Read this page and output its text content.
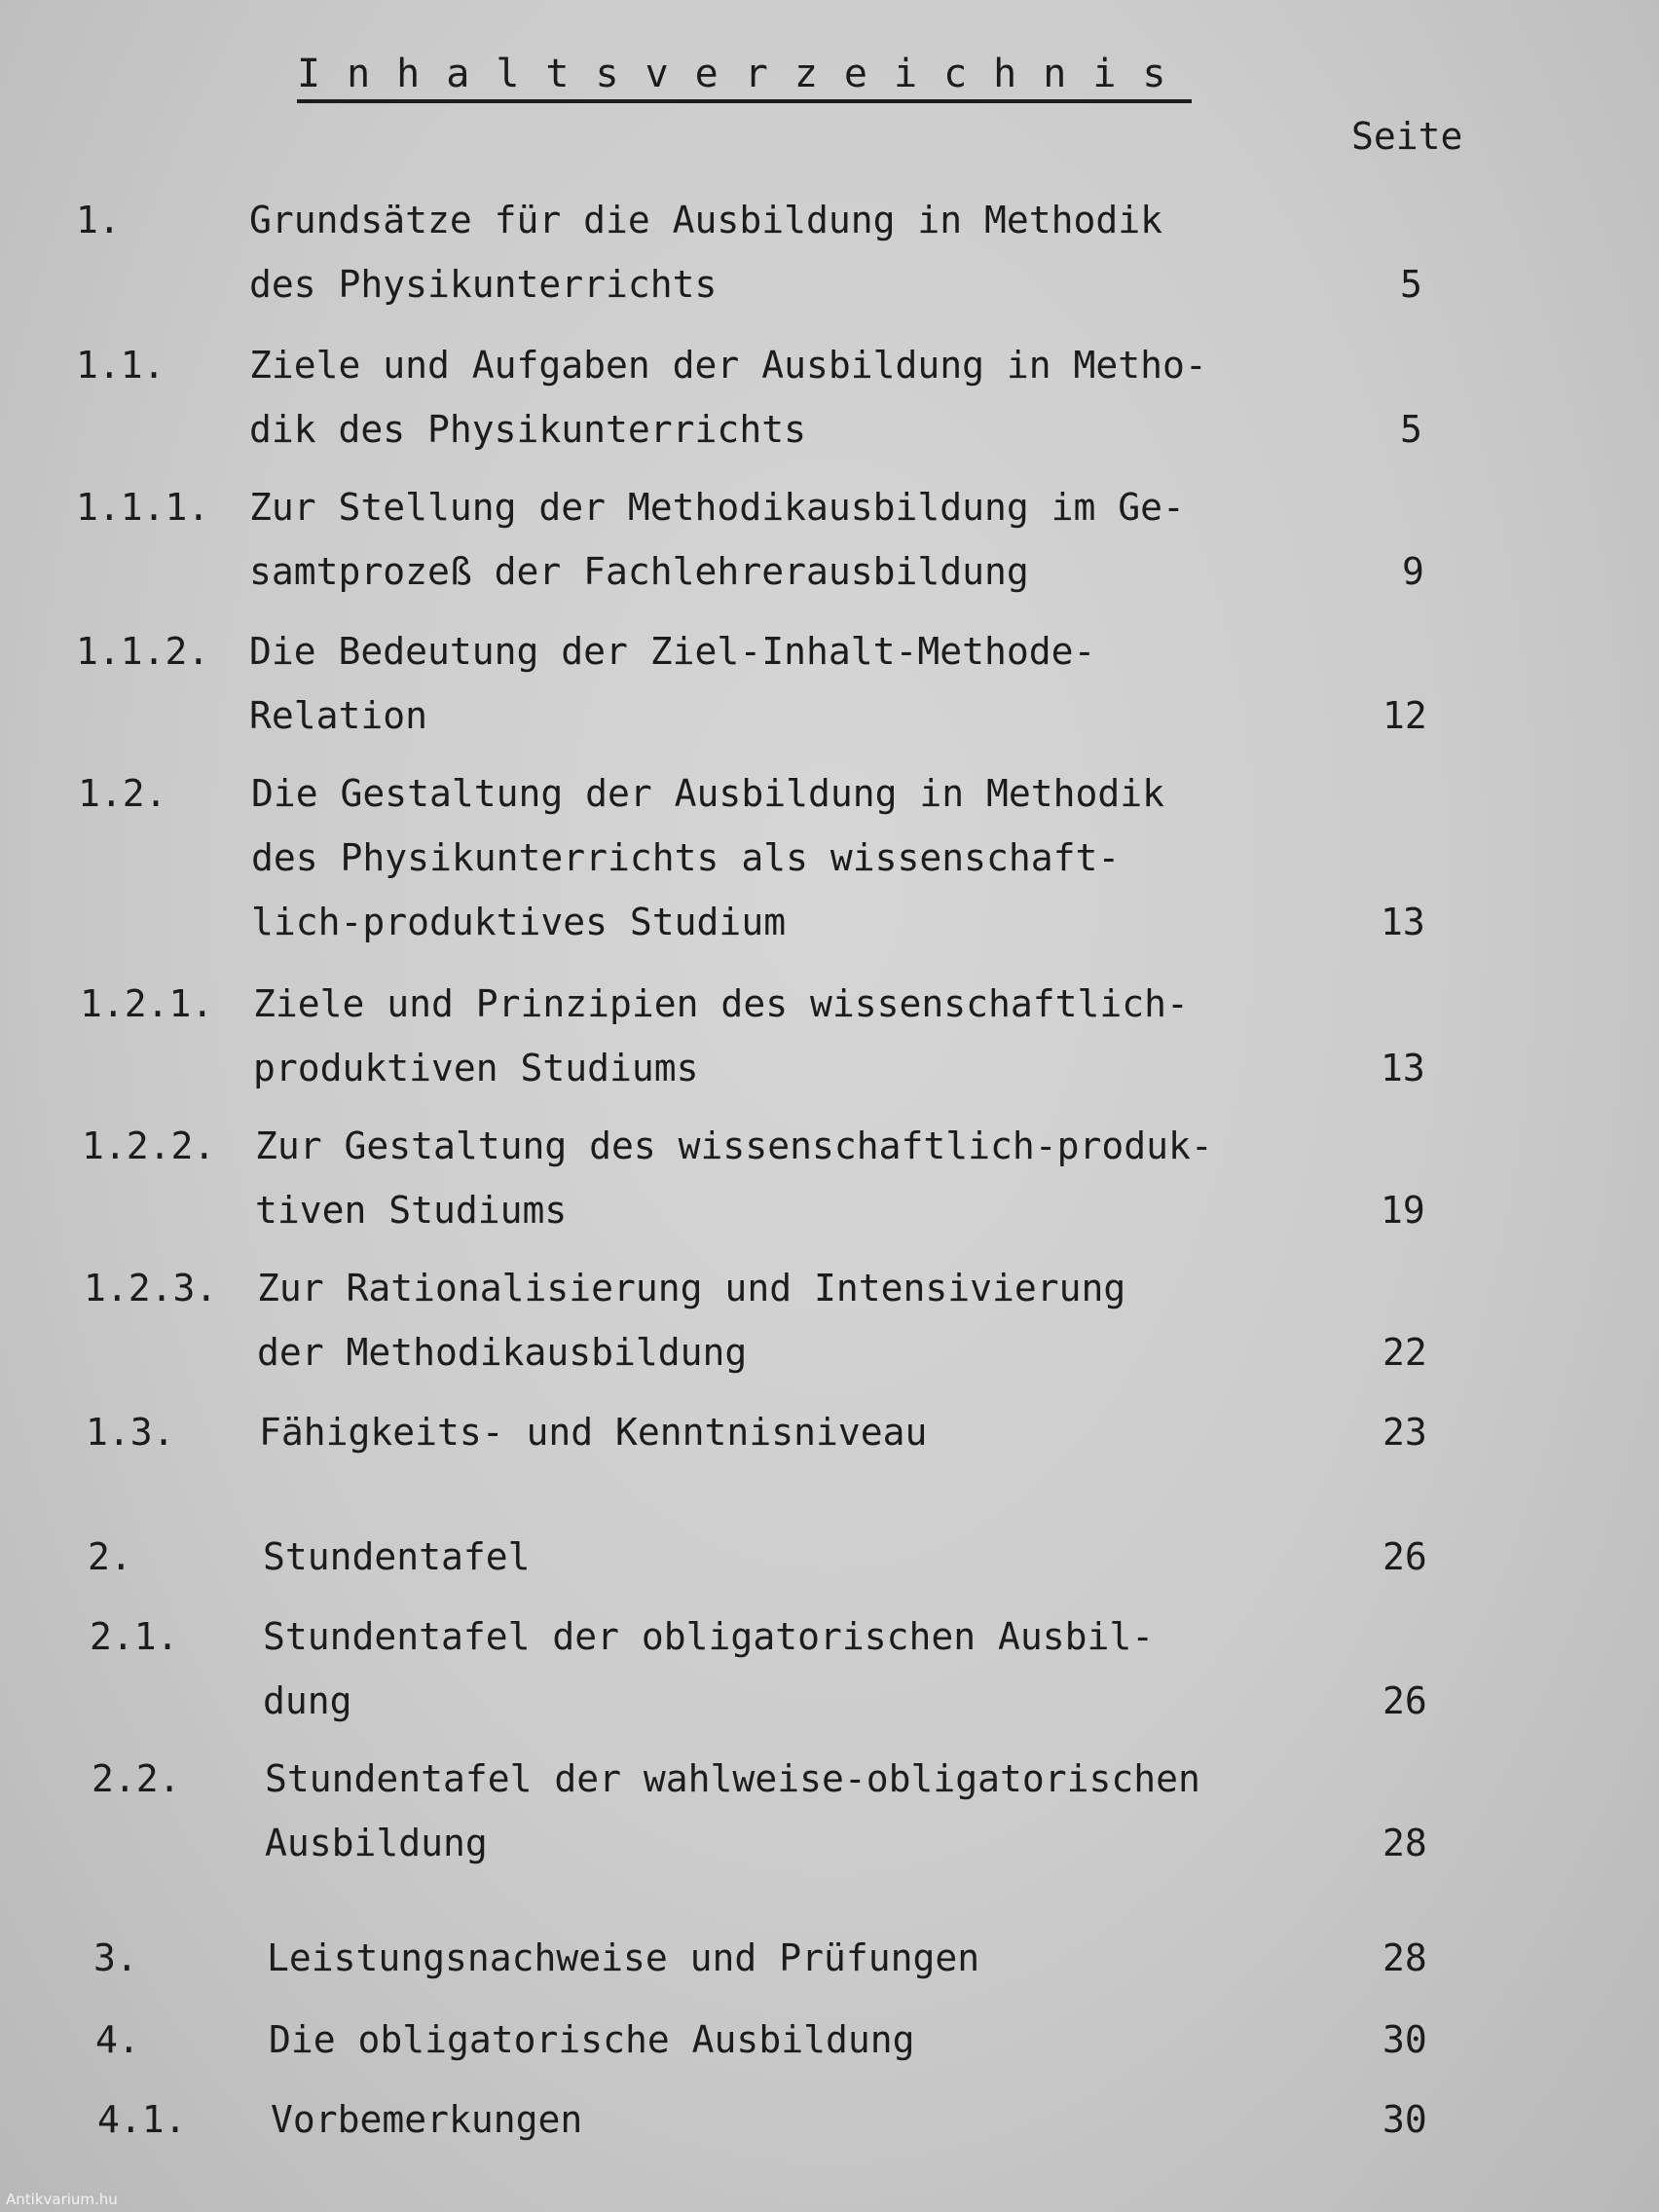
Inhaltsverzeichnis
Seite
1.	Grundsätze für die Ausbildung in Methodik
des Physikunterrichts	5
1.1. Ziele und Aufgaben der Ausbildung in Metho-
dik des Physikunterrichts	5
1.1.1. Zur Stellung der Methodikausbildung im Ge-
samtprozeß der Fachlehrerausbildung	9
1.1.2. Die Bedeutung der Ziel-Inhalt-Methode-
Relation	12
1.2. Die Gestaltung der Ausbildung in Methodik
des Physikunterrichts als wissenschaft-
lich-produktives Studium	13
1.2.1. Ziele und Prinzipien des wissenschaftlich-
produktiven Studiums	13
1.2.2. Zur Gestaltung des wissenschaftlich-produk-
tiven Studiums	19
1.2.3. Zur Rationalisierung und Intensivierung
der Methodikausbildung	22
1.3. Fähigkeits- und Kenntnisniveau	23
2.	Stundentafel	26
2.1. Stundentafel der obligatorischen Ausbil-
dung	26
2.2. Stundentafel der wahlweise-obligatorischen
Ausbildung	28
3.	Leistungsnachweise und Prüfungen	28
4.	Die obligatorische Ausbildung	30
4.1. Vorbemerkungen	30
Antikvarium.hu
